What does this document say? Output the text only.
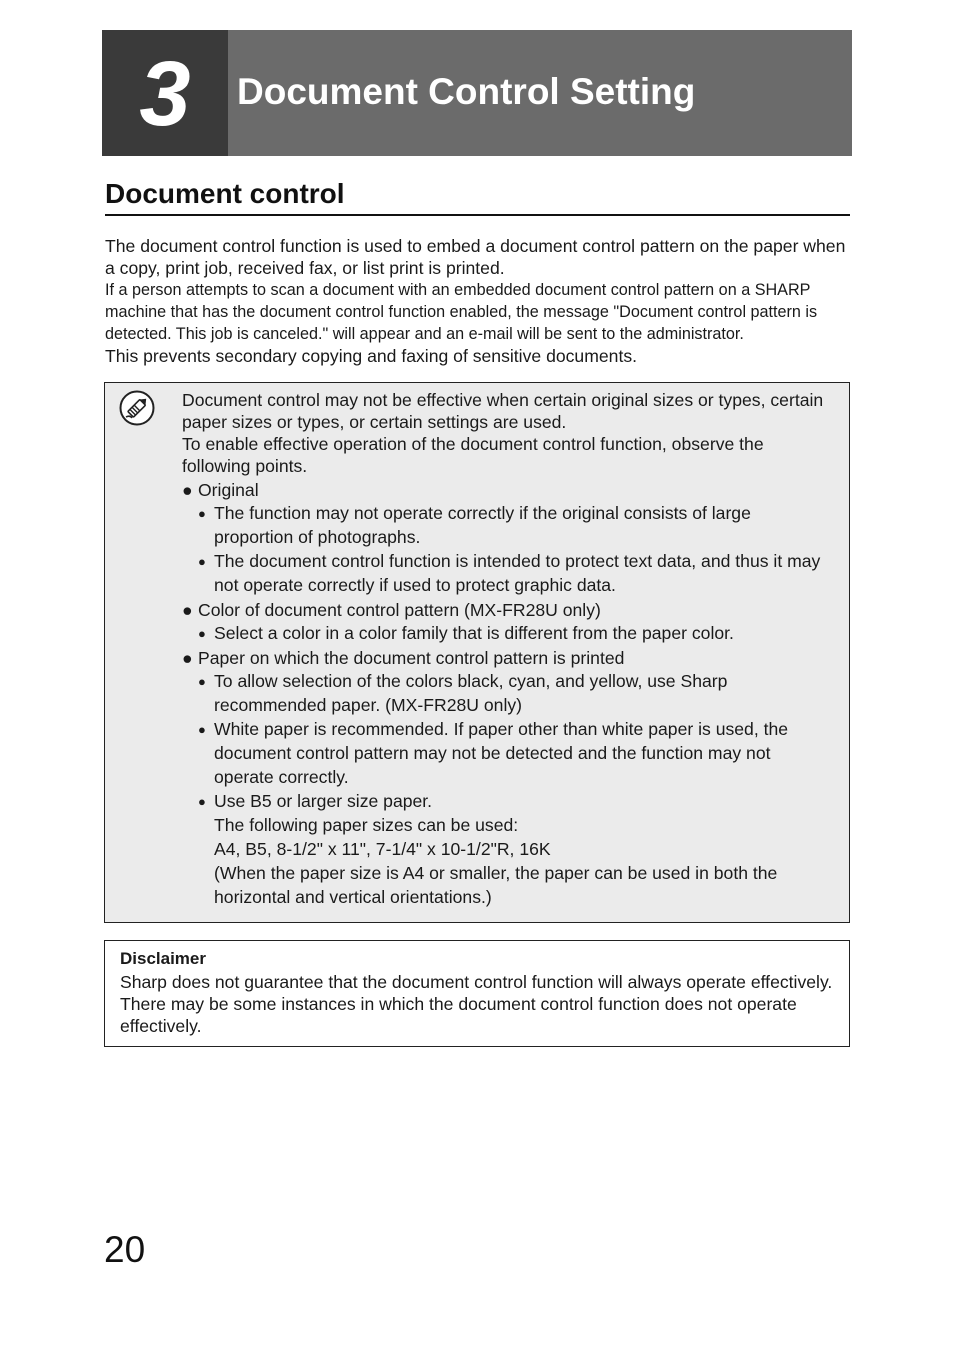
3	Document Control Setting
Document control

The document control function is used to embed a document control pattern on the paper when a copy, print job, received fax, or list print is printed.

If a person attempts to scan a document with an embedded document control pattern on a SHARP machine that has the document control function enabled, the message "Document control pattern is detected. This job is canceled." will appear and an e-mail will be sent to the administrator.

This prevents secondary copying and faxing of sensitive documents.

Document control may not be effective when certain original sizes or types, certain paper sizes or types, or certain settings are used.

To enable effective operation of the document control function, observe the following points.

● Original
● The function may not operate correctly if the original consists of large proportion of photographs.
● The document control function is intended to protect text data, and thus it may not operate correctly if used to protect graphic data.
● Color of document control pattern (MX-FR28U only)
● Select a color in a color family that is different from the paper color.
● Paper on which the document control pattern is printed
● To allow selection of the colors black, cyan, and yellow, use Sharp recommended paper. (MX-FR28U only)
● White paper is recommended. If paper other than white paper is used, the document control pattern may not be detected and the function may not operate correctly.
● Use B5 or larger size paper.
The following paper sizes can be used:
A4, B5, 8-1/2" x 11", 7-1/4" x 10-1/2"R, 16K
(When the paper size is A4 or smaller, the paper can be used in both the horizontal and vertical orientations.)
Disclaimer
Sharp does not guarantee that the document control function will always operate effectively. There may be some instances in which the document control function does not operate effectively.
20
